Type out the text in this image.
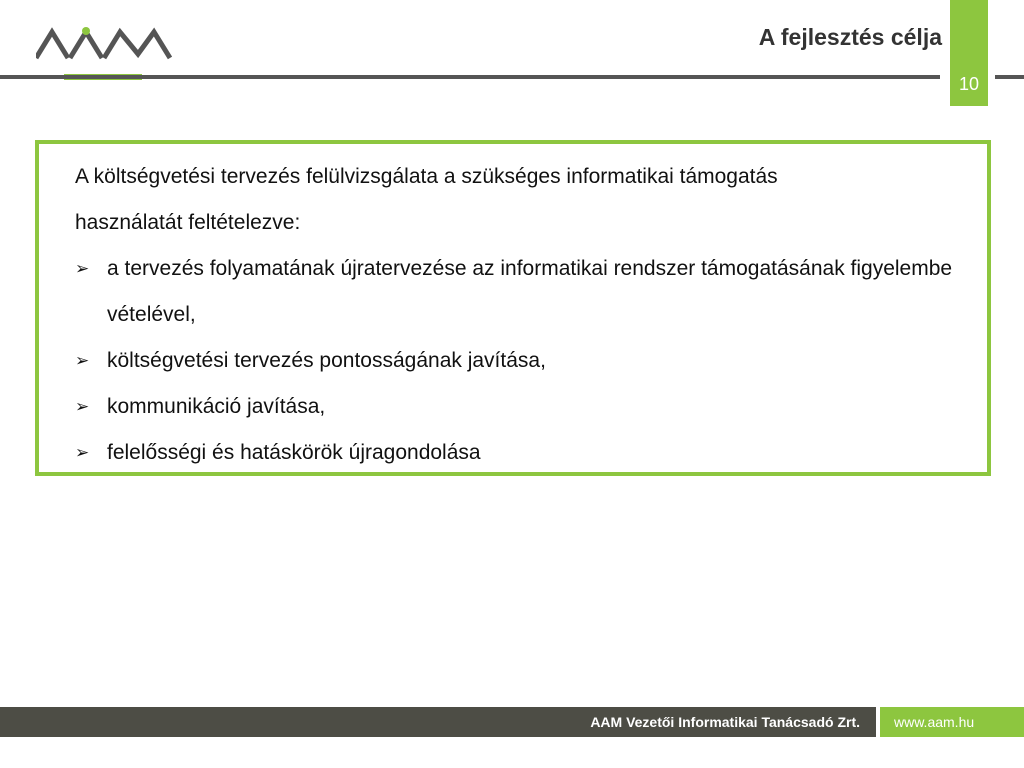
A fejlesztés célja
10
A költségvetési tervezés felülvizsgálata a szükséges informatikai támogatás
használatát feltételezve:
➢ a tervezés folyamatának újratervezése az informatikai rendszer támogatásának figyelembe vételével,
➢ költségvetési tervezés pontosságának javítása,
➢ kommunikáció javítása,
➢ felelősségi és hatáskörök újragondolása
AAM Vezetői Informatikai Tanácsadó Zrt. www.aam.hu
